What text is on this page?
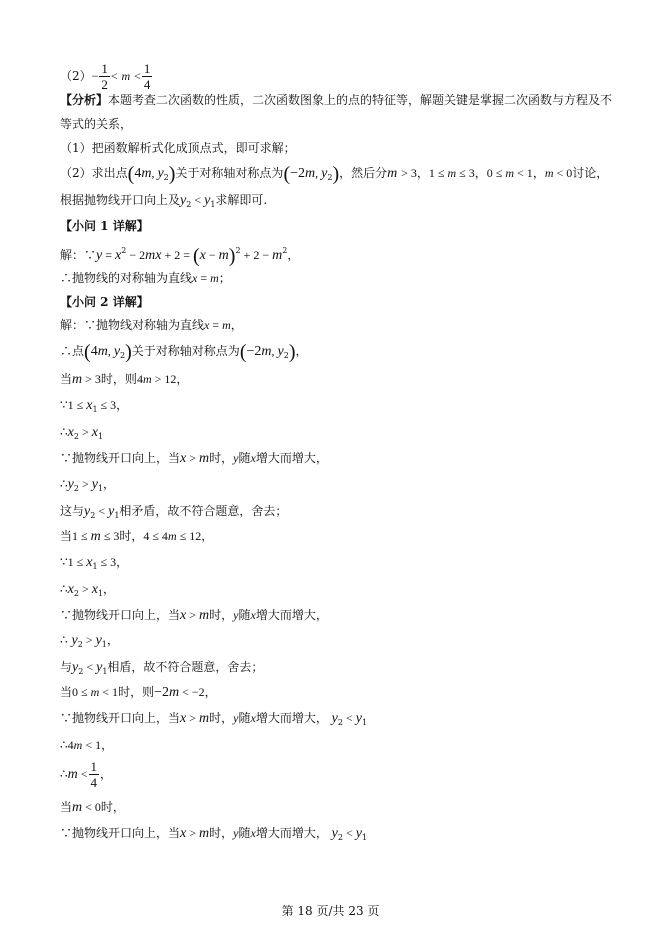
$(2)- \frac{1}{2} < m < \frac{1}{4}$
【分析】本题考查二次函数的性质，二次函数图象上的点的特征等，解题关键是掌握二次函数与方程及不
等式的关系，
（1）把函数解析式化成顶点式，即可求解；
（2）求出点(4m, $y_2$)关于对称轴对称点为(−2m, $y_2$)，然后分m > 3，1 ≤ m ≤ 3，0 ≤ m < 1，m < 0讨论，
根据抛物线开口向上及$y_2 < y_1$求解即可.
【小问 1 详解】
解：∵y = $x^2 - 2mx + 2 = (x - m)^2 + 2 - m^2$，
∴抛物线的对称轴为直线x = m；
【小问 2 详解】
解：∵抛物线对称轴为直线x = m，
∴点(4m, $y_2$)关于对称轴对称点为(−2m, $y_2$)，
当m > 3时，则4m > 12，
∵1 ≤ $x_1 \le 3$，
$\therefore x_2 > x_1$
∵抛物线开口向上，当x > m时，y随x增大而增大，
$\therefore y_2 > y_1$，
这与$y_2 < y_1$相矛盾，故不符合题意，舍去；
当1 ≤ m ≤ 3时，4 ≤ 4m ≤ 12，
∵1 ≤ $x_1 \le 3$，
$\therefore x_2 > x_1$，
∵抛物线开口向上，当x > m时，y随x增大而增大，
∴ $y_2 > y_1$，
与$y_2 < y_1$相盾，故不符合题意，舍去；
当0 ≤ m < 1时，则−2m < −2，
∵抛物线开口向上，当x > m时，y随x增大而增大， $y_2 < y_1$
∴4m < 1，
∴m < $\frac{1}{4}$ ，
当m < 0时，
∵抛物线开口向上，当x > m时，y随x增大而增大， $y_2 < y_1$
第 18 页/共 23 页
